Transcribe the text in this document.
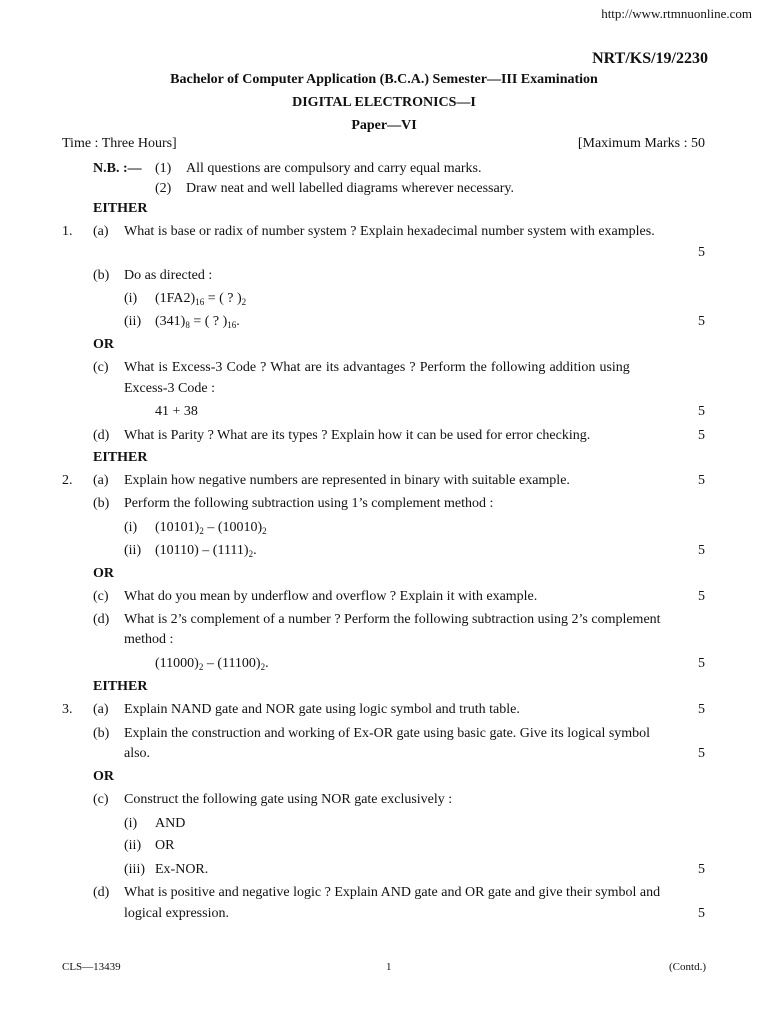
http://www.rtmnuonline.com
NRT/KS/19/2230
Bachelor of Computer Application (B.C.A.) Semester—III Examination
DIGITAL ELECTRONICS—I
Paper—VI
Time : Three Hours]	[Maximum Marks : 50
N.B. :— (1) All questions are compulsory and carry equal marks.
(2) Draw neat and well labelled diagrams wherever necessary.
EITHER
1. (a) What is base or radix of number system ? Explain hexadecimal number system with examples.
5
(b) Do as directed :
(i) $(1FA2)_{16}$ = ( ? )$_2$
(ii) $(341)_8$ = ( ? )$_{16}$.	5
OR
(c) What is Excess-3 Code ? What are its advantages ? Perform the following addition using
Excess-3 Code :
41 + 38	5
(d) What is Parity ? What are its types ? Explain how it can be used for error checking.	5
EITHER
2. (a) Explain how negative numbers are represented in binary with suitable example.	5
(b) Perform the following subtraction using 1’s complement method :
(i) $(10101)_2 - (10010)_2$
(ii) $(10110) - (1111)_2$.	5
OR
(c) What do you mean by underflow and overflow ? Explain it with example.	5
(d) What is 2’s complement of a number ? Perform the following subtraction using 2’s complement
method :
$(11000)_2 - (11100)_2$.	5
EITHER
3. (a) Explain NAND gate and NOR gate using logic symbol and truth table.	5
(b) Explain the construction and working of Ex-OR gate using basic gate. Give its logical symbol
also.	5
OR
(c) Construct the following gate using NOR gate exclusively :
(i) AND
(ii) OR
(iii) Ex-NOR.	5
(d) What is positive and negative logic ? Explain AND gate and OR gate and give their symbol and
logical expression.	5
CLS—13439	1	(Contd.)
